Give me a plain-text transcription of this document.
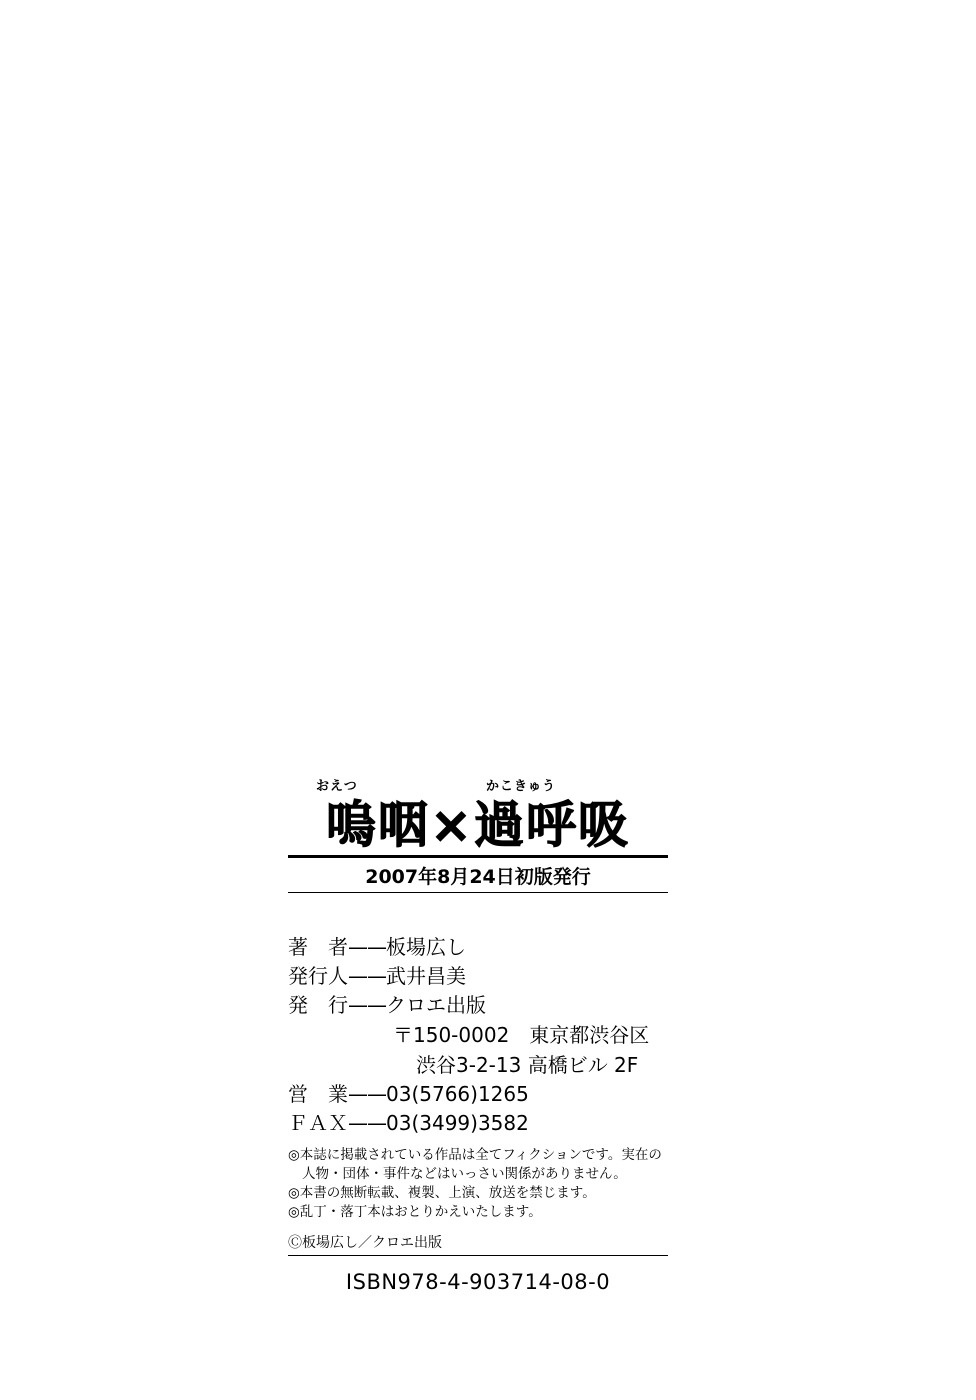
おえつ	かこきゅう
嗚咽×過呼吸
2007年8月24日初版発行
著　者——板場広し
発行人——武井昌美
発　行——クロエ出版
〒150-0002　東京都渋谷区
渋谷3-2-13 高橋ビル 2F
営　業——03(5766)1265
ＦＡＸ——03(3499)3582
◎本誌に掲載されている作品は全てフィクションです。実在の
人物・団体・事件などはいっさい関係がありません。
◎本書の無断転載、複製、上演、放送を禁じます。
◎乱丁・落丁本はおとりかえいたします。
Ⓒ板場広し／クロエ出版
ISBN978-4-903714-08-0
